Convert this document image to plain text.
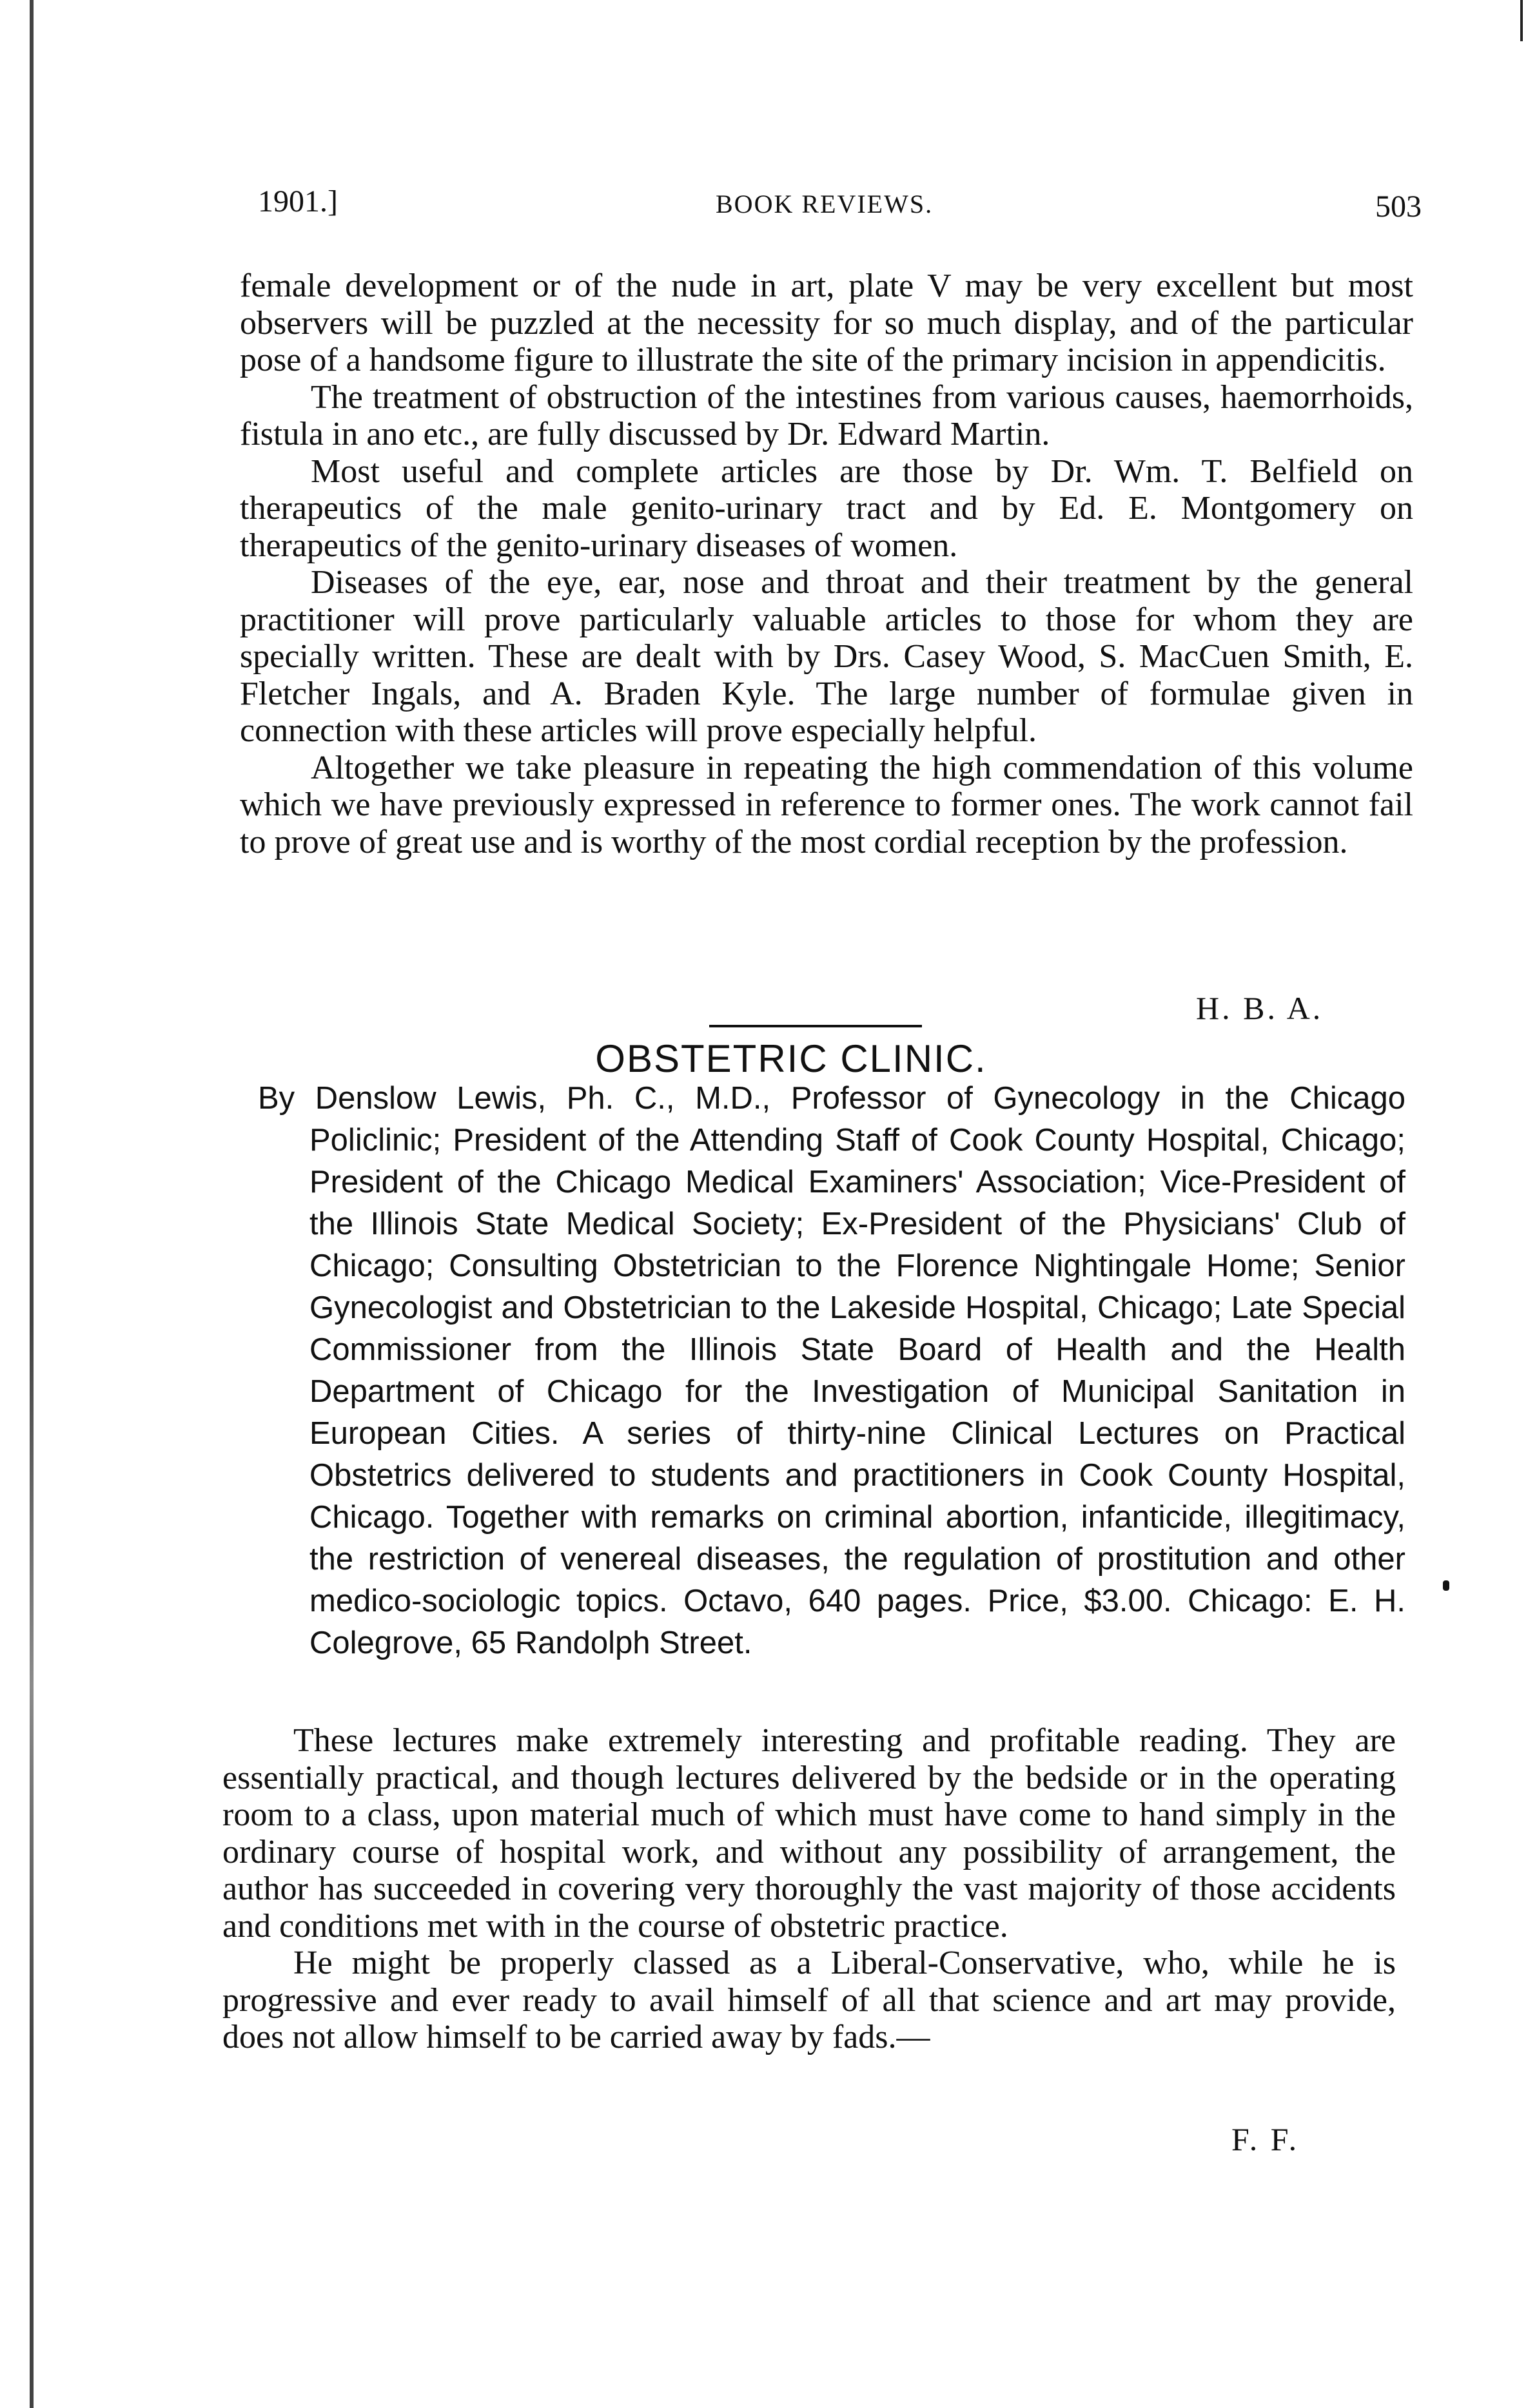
1901.]	BOOK REVIEWS.	503

female development or of the nude in art, plate V may be very excellent but most observers will be puzzled at the necessity for so much display, and of the particular pose of a handsome figure to illustrate the site of the primary incision in appendicitis.

The treatment of obstruction of the intestines from various causes, haemorrhoids, fistula in ano etc., are fully discussed by Dr. Edward Martin.

Most useful and complete articles are those by Dr. Wm. T. Belfield on therapeutics of the male genito-urinary tract and by Ed. E. Montgomery on therapeutics of the genito-urinary diseases of women.

Diseases of the eye, ear, nose and throat and their treatment by the general practitioner will prove particularly valuable articles to those for whom they are specially written. These are dealt with by Drs. Casey Wood, S. MacCuen Smith, E. Fletcher Ingals, and A. Braden Kyle. The large number of formulae given in connection with these articles will prove especially helpful.

Altogether we take pleasure in repeating the high commendation of this volume which we have previously expressed in reference to former ones. The work cannot fail to prove of great use and is worthy of the most cordial reception by the profession.

H. B. A.
OBSTETRIC CLINIC.
By Denslow Lewis, Ph. C., M.D., Professor of Gynecology in the Chicago Policlinic; President of the Attending Staff of Cook County Hospital, Chicago; President of the Chicago Medical Examiners' Association; Vice-President of the Illinois State Medical Society; Ex-President of the Physicians' Club of Chicago; Consulting Obstetrician to the Florence Nightingale Home; Senior Gynecologist and Obstetrician to the Lakeside Hospital, Chicago; Late Special Commissioner from the Illinois State Board of Health and the Health Department of Chicago for the Investigation of Municipal Sanitation in European Cities. A series of thirty-nine Clinical Lectures on Practical Obstetrics delivered to students and practitioners in Cook County Hospital, Chicago. Together with remarks on criminal abortion, infanticide, illegitimacy, the restriction of venereal diseases, the regulation of prostitution and other medico-sociologic topics. Octavo, 640 pages. Price, $3.00. Chicago: E. H. Colegrove, 65 Randolph Street.

These lectures make extremely interesting and profitable reading. They are essentially practical, and though lectures delivered by the bedside or in the operating room to a class, upon material much of which must have come to hand simply in the ordinary course of hospital work, and without any possibility of arrangement, the author has succeeded in covering very thoroughly the vast majority of those accidents and conditions met with in the course of obstetric practice.

He might be properly classed as a Liberal-Conservative, who, while he is progressive and ever ready to avail himself of all that science and art may provide, does not allow himself to be carried away by fads.—

F. F.
